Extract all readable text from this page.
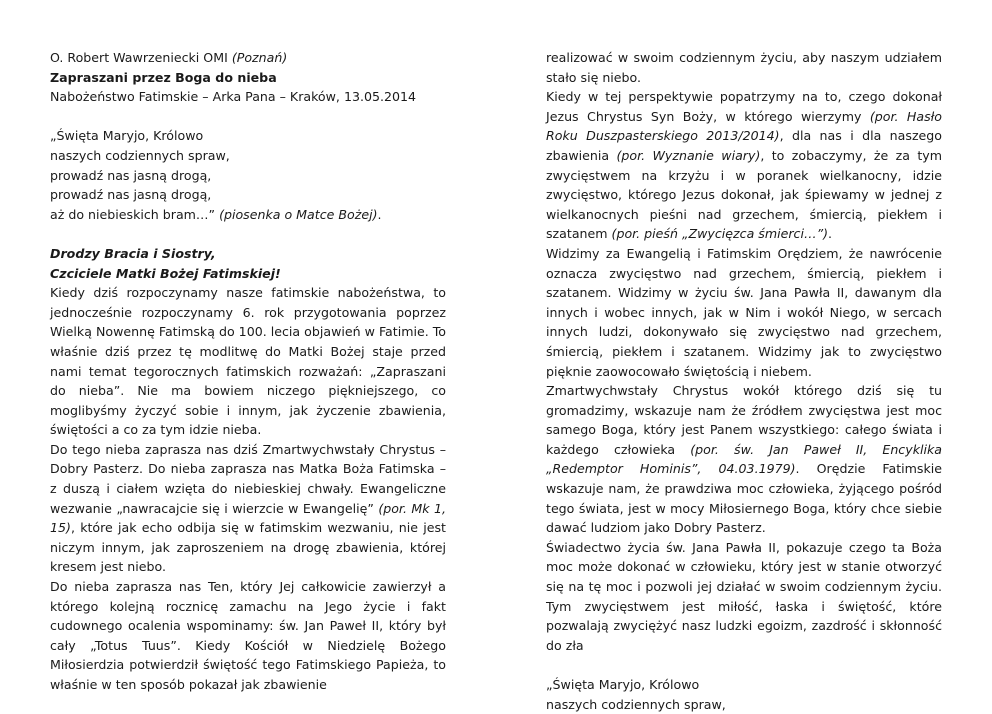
O. Robert Wawrzeniecki OMI (Poznań)

Zapraszani przez Boga do nieba

Nabożeństwo Fatimskie – Arka Pana – Kraków, 13.05.2014

„Święta Maryjo, Królowo
naszych codziennych spraw,
prowadź nas jasną drogą,
prowadź nas jasną drogą,
aż do niebieskich bram…” (piosenka o Matce Bożej).

Drodzy Bracia i Siostry,

Czciciele Matki Bożej Fatimskiej!

Kiedy dziś rozpoczynamy nasze fatimskie nabożeństwa, to jednocześnie rozpoczynamy 6. rok przygotowania poprzez Wielką Nowennę Fatimską do 100. lecia objawień w Fatimie. To właśnie dziś przez tę modlitwę do Matki Bożej staje przed nami temat tegorocznych fatimskich rozważań: „Zapraszani do nieba”. Nie ma bowiem niczego piękniejszego, co moglibyśmy życzyć sobie i innym, jak życzenie zbawienia, świętości a co za tym idzie nieba.

Do tego nieba zaprasza nas dziś Zmartwychwstały Chrystus – Dobry Pasterz. Do nieba zaprasza nas Matka Boża Fatimska – z duszą i ciałem wzięta do niebieskiej chwały. Ewangeliczne wezwanie „nawracajcie się i wierzcie w Ewangelię” (por. Mk 1, 15), które jak echo odbija się w fatimskim wezwaniu, nie jest niczym innym, jak zaproszeniem na drogę zbawienia, której kresem jest niebo.

Do nieba zaprasza nas Ten, który Jej całkowicie zawierzył a którego kolejną rocznicę zamachu na Jego życie i fakt cudownego ocalenia wspominamy: św. Jan Paweł II, który był cały „Totus Tuus”. Kiedy Kościół w Niedzielę Bożego Miłosierdzia potwierdził świętość tego Fatimskiego Papieża, to właśnie w ten sposób pokazał jak zbawienie

realizować w swoim codziennym życiu, aby naszym udziałem stało się niebo.

Kiedy w tej perspektywie popatrzymy na to, czego dokonał Jezus Chrystus Syn Boży, w którego wierzymy (por. Hasło Roku Duszpasterskiego 2013/2014), dla nas i dla naszego zbawienia (por. Wyznanie wiary), to zobaczymy, że za tym zwycięstwem na krzyżu i w poranek wielkanocny, idzie zwycięstwo, którego Jezus dokonał, jak śpiewamy w jednej z wielkanocnych pieśni nad grzechem, śmiercią, piekłem i szatanem (por. pieśń „Zwycięzca śmierci…”).

Widzimy za Ewangelią i Fatimskim Orędziem, że nawrócenie oznacza zwycięstwo nad grzechem, śmiercią, piekłem i szatanem. Widzimy w życiu św. Jana Pawła II, dawanym dla innych i wobec innych, jak w Nim i wokół Niego, w sercach innych ludzi, dokonywało się zwycięstwo nad grzechem, śmiercią, piekłem i szatanem. Widzimy jak to zwycięstwo pięknie zaowocowało świętością i niebem.

Zmartwychwstały Chrystus wokół którego dziś się tu gromadzimy, wskazuje nam że źródłem zwycięstwa jest moc samego Boga, który jest Panem wszystkiego: całego świata i każdego człowieka (por. św. Jan Paweł II, Encyklika „Redemptor Hominis”, 04.03.1979). Orędzie Fatimskie wskazuje nam, że prawdziwa moc człowieka, żyjącego pośród tego świata, jest w mocy Miłosiernego Boga, który chce siebie dawać ludziom jako Dobry Pasterz.

Świadectwo życia św. Jana Pawła II, pokazuje czego ta Boża moc może dokonać w człowieku, który jest w stanie otworzyć się na tę moc i pozwoli jej działać w swoim codziennym życiu. Tym zwycięstwem jest miłość, łaska i świętość, które pozwalają zwyciężyć nasz ludzki egoizm, zazdrość i skłonność do zła

„Święta Maryjo, Królowo
naszych codziennych spraw,
